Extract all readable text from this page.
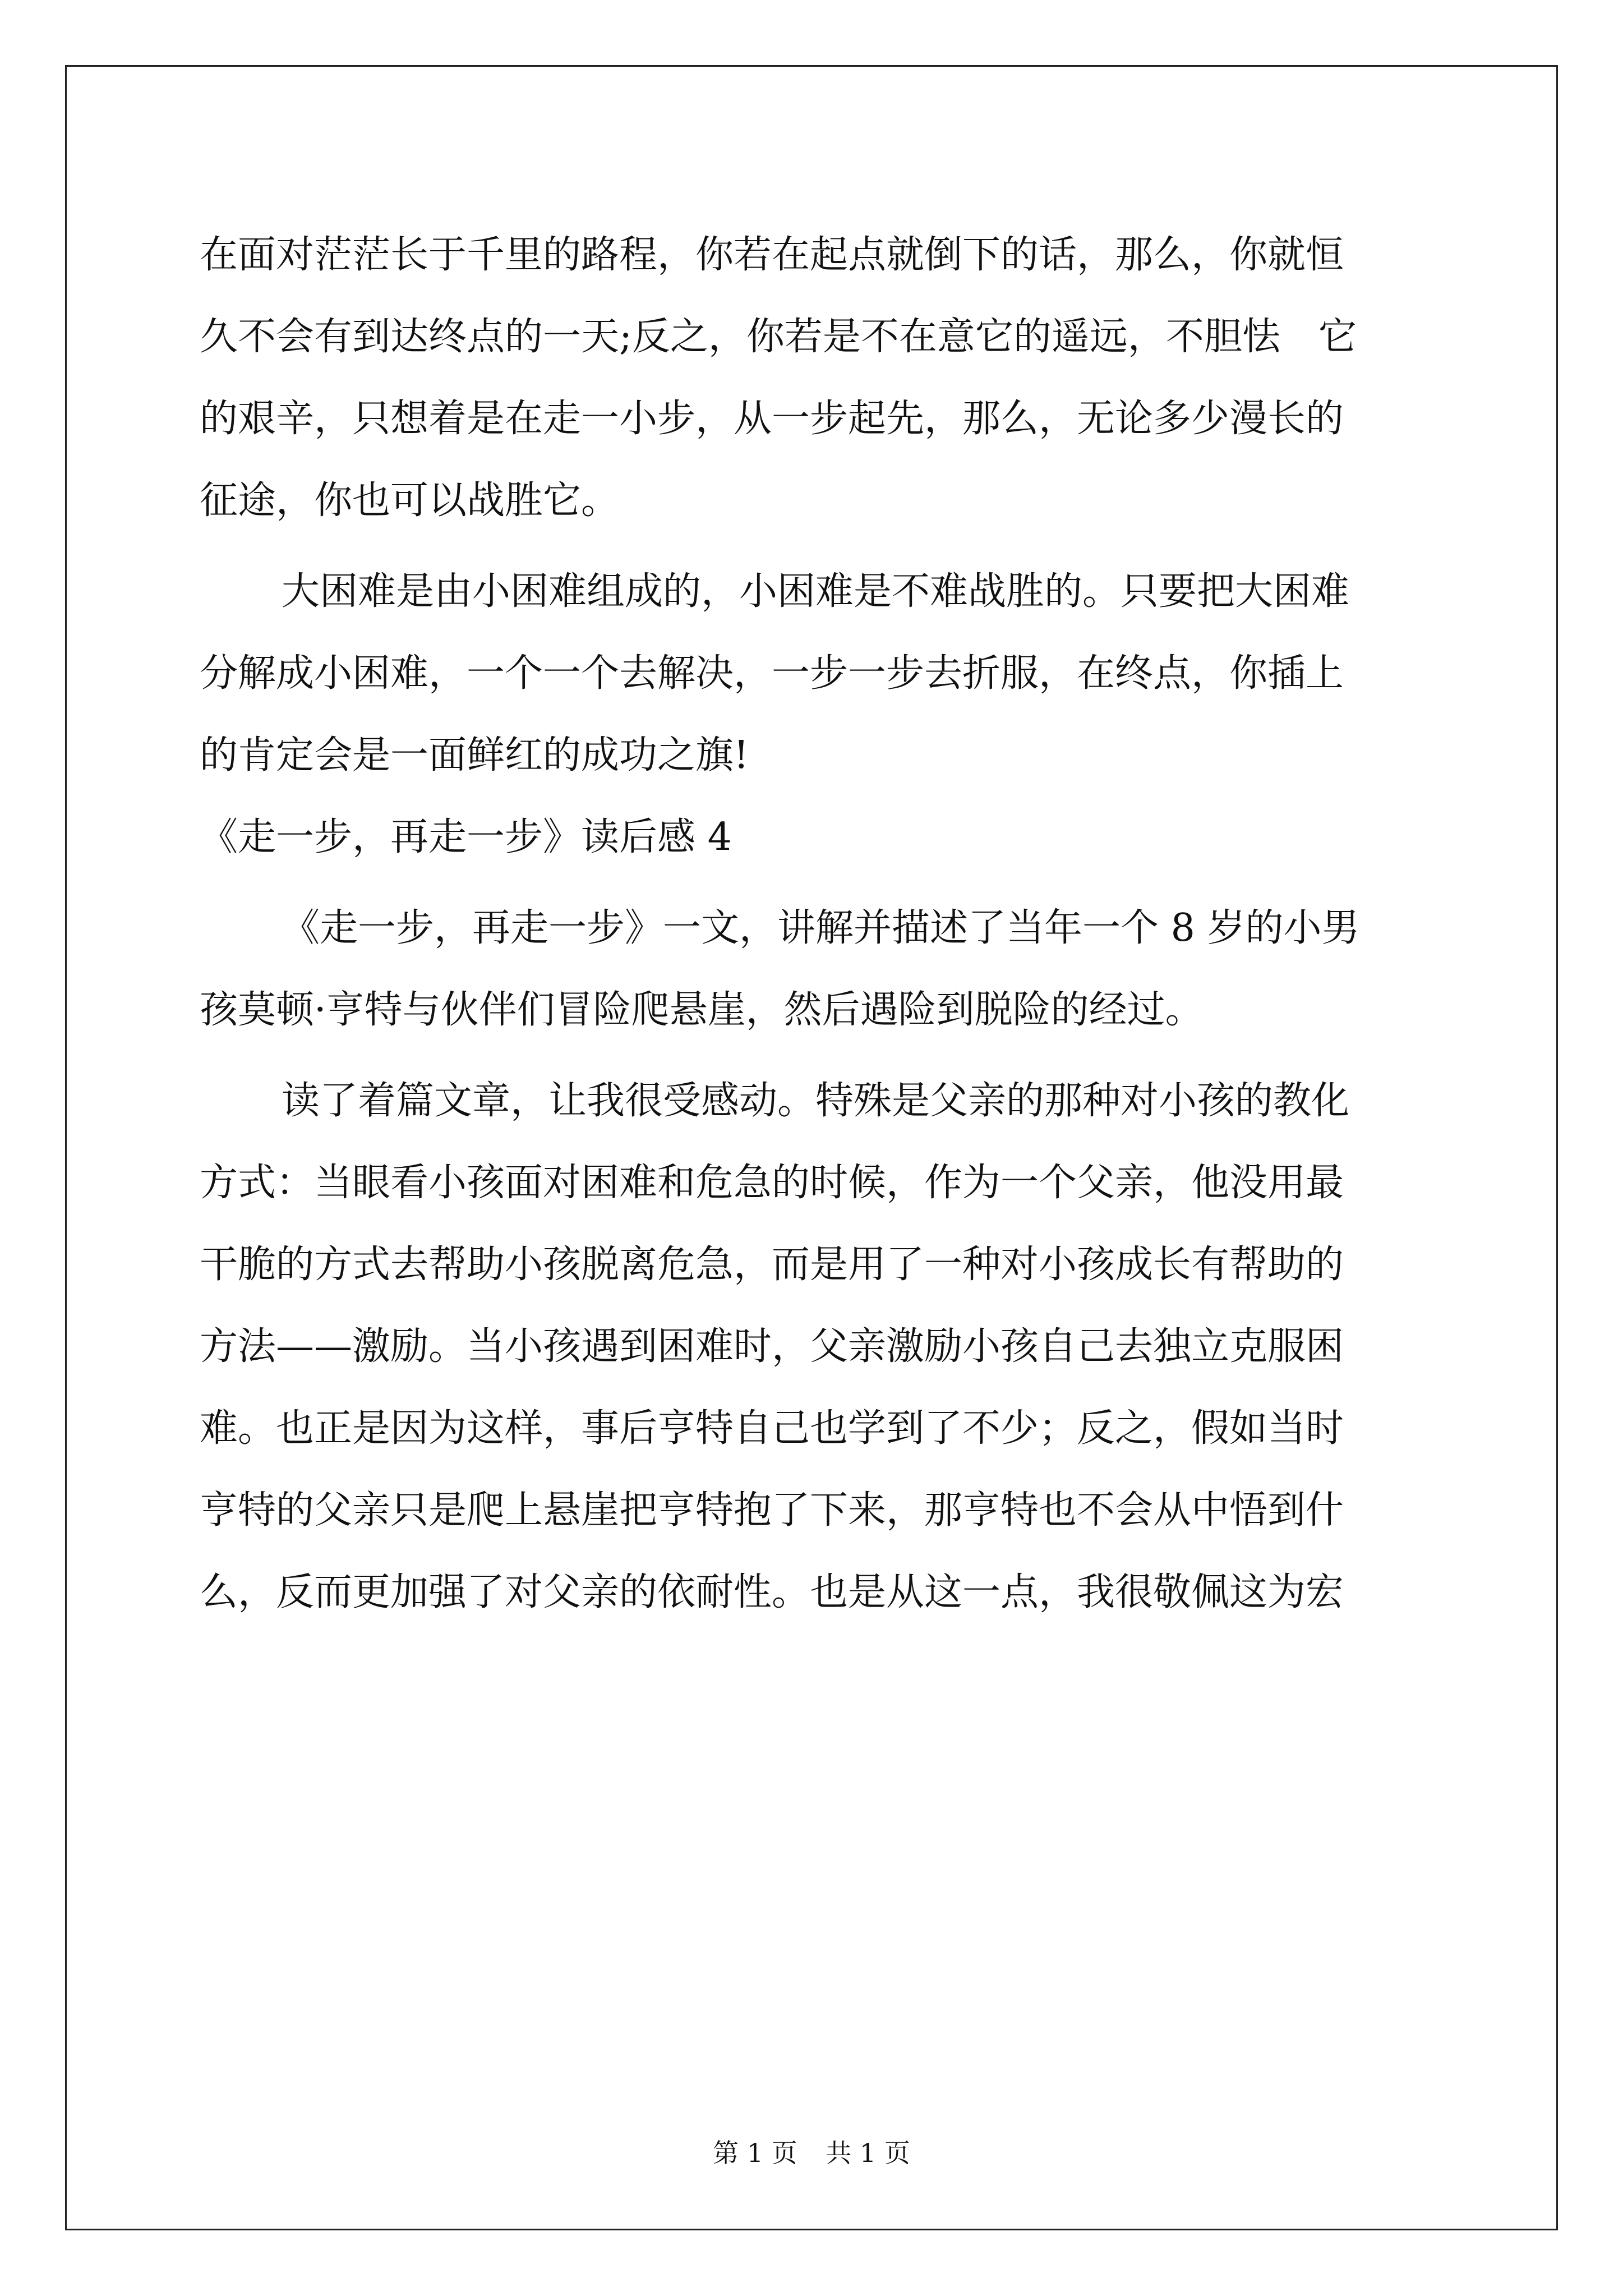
在面对茫茫长于千里的路程，你若在起点就倒下的话，那么，你就恒
久不会有到达终点的一天;反之，你若是不在意它的遥远，不胆怯　它
的艰辛，只想着是在走一小步，从一步起先，那么，无论多少漫长的
征途，你也可以战胜它。
大困难是由小困难组成的，小困难是不难战胜的。只要把大困难
分解成小困难，一个一个去解决，一步一步去折服，在终点，你插上
的肯定会是一面鲜红的成功之旗!
《走一步，再走一步》读后感 4
《走一步，再走一步》一文，讲解并描述了当年一个 8 岁的小男
孩莫顿·亨特与伙伴们冒险爬悬崖，然后遇险到脱险的经过。
读了着篇文章，让我很受感动。特殊是父亲的那种对小孩的教化
方式：当眼看小孩面对困难和危急的时候，作为一个父亲，他没用最
干脆的方式去帮助小孩脱离危急，而是用了一种对小孩成长有帮助的
方法——激励。当小孩遇到困难时，父亲激励小孩自己去独立克服困
难。也正是因为这样，事后亨特自己也学到了不少；反之，假如当时
亨特的父亲只是爬上悬崖把亨特抱了下来，那亨特也不会从中悟到什
么，反而更加强了对父亲的依耐性。也是从这一点，我很敬佩这为宏
第 1 页 共 1 页
